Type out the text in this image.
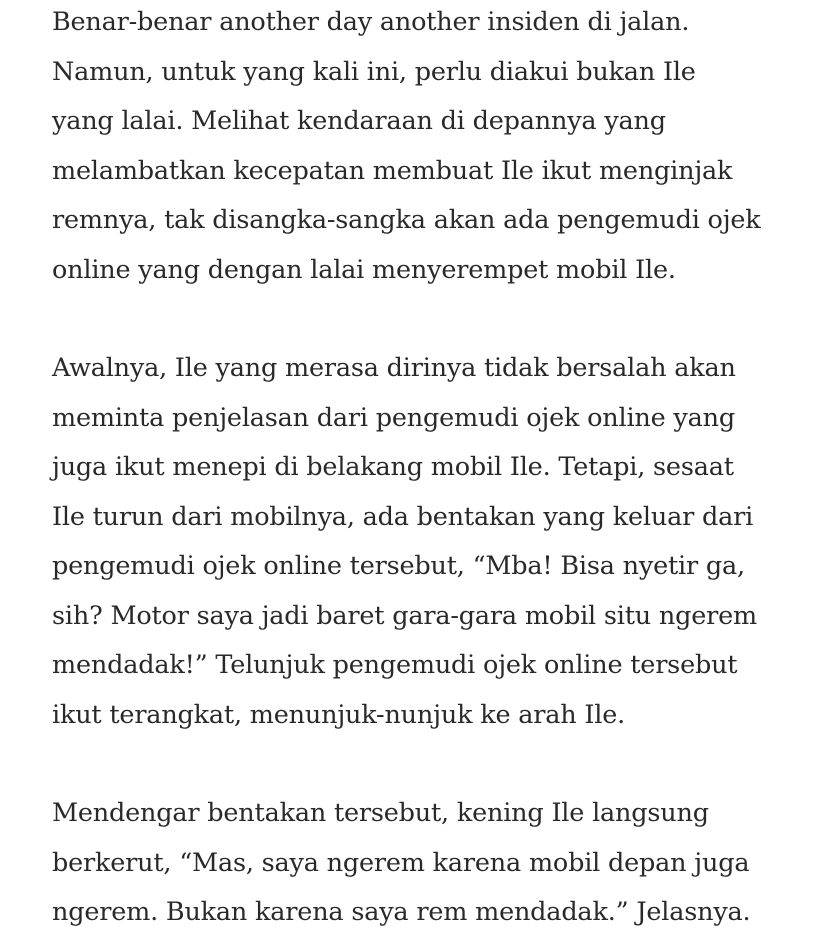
Benar-benar another day another insiden di jalan.
Namun, untuk yang kali ini, perlu diakui bukan Ile
yang lalai. Melihat kendaraan di depannya yang
melambatkan kecepatan membuat Ile ikut menginjak
remnya, tak disangka-sangka akan ada pengemudi ojek
online yang dengan lalai menyerempet mobil Ile.

Awalnya, Ile yang merasa dirinya tidak bersalah akan
meminta penjelasan dari pengemudi ojek online yang
juga ikut menepi di belakang mobil Ile. Tetapi, sesaat
Ile turun dari mobilnya, ada bentakan yang keluar dari
pengemudi ojek online tersebut, “Mba! Bisa nyetir ga,
sih? Motor saya jadi baret gara-gara mobil situ ngerem
mendadak!” Telunjuk pengemudi ojek online tersebut
ikut terangkat, menunjuk-nunjuk ke arah Ile.

Mendengar bentakan tersebut, kening Ile langsung
berkerut, “Mas, saya ngerem karena mobil depan juga
ngerem. Bukan karena saya rem mendadak.” Jelasnya.
